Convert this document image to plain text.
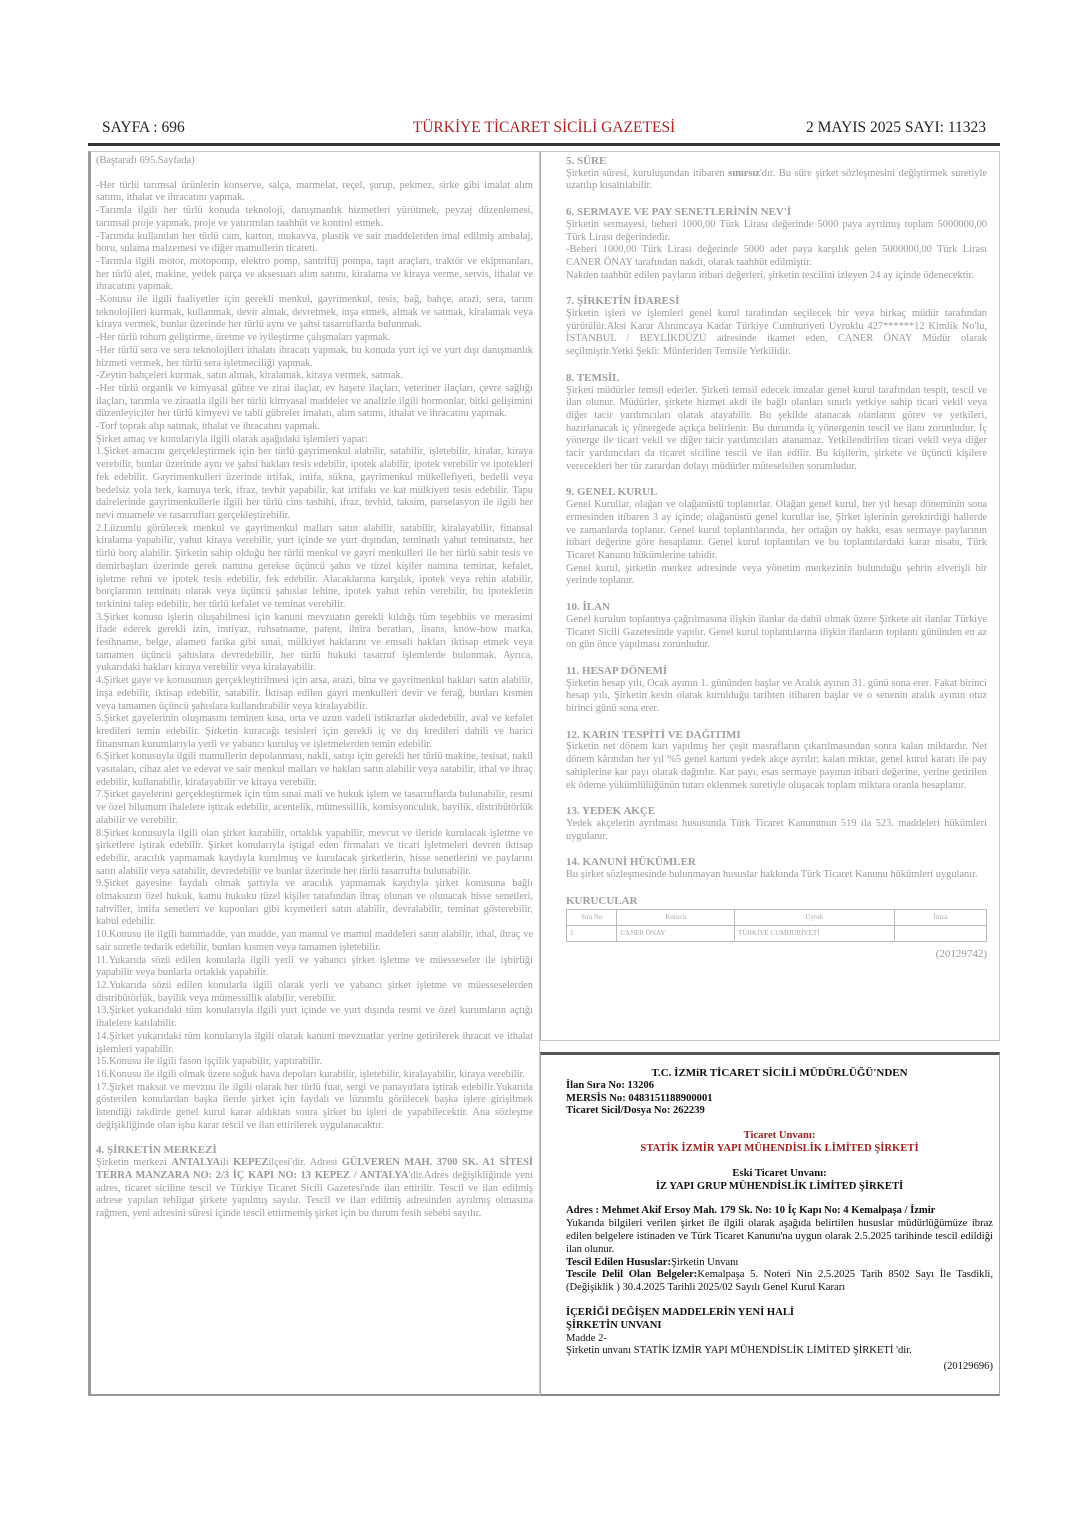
SAYFA : 696	TÜRKİYE TİCARET SİCİLİ GAZETESİ	2 MAYIS 2025 SAYI: 11323

(Baştarafı 695.Sayfada)

-Her türlü tarımsal ürünlerin konserve, salça, marmelat, reçel, şurup, pekmez, sirke gibi imalat alım satımı, ithalat ve ihracatını yapmak.

-Tarımla ilgili her türlü konuda teknoloji, danışmanlık hizmetleri yürütmek, peyzaj düzenlemesi, tarımsal proje yapmak, proje ve yatırımları taahhüt ve kontrol etmek.

-Tarımda kullanılan her türlü cam, karton, mukavva, plastik ve sair maddelerden imal edilmiş ambalaj, boru, sulama malzemesi ve diğer mamullerin ticareti.

-Tarımla ilgili motor, motopomp, elektro pomp, santrifüj pompa, taşıt araçları, traktör ve ekipmanları, her türlü alet, makine, yedek parça ve aksesuarı alım satımı, kiralama ve kiraya verme, servis, ithalat ve ihracatını yapmak.

-Konusu ile ilgili faaliyetler için gerekli menkul, gayrimenkul, tesis, bağ, bahçe, arazi, sera, tarım teknolojileri kurmak, kullanmak, devir almak, devretmek, inşa etmek, almak ve satmak, kiralamak veya kiraya vermek, bunlar üzerinde her türlü aynı ve şahsi tasarruflarda bulunmak.

-Her türlü tohum geliştirme, üretme ve iyileştirme çalışmaları yapmak.

-Her türlü sera ve sera teknolojileri ithalatı ihracatı yapmak, bu konuda yurt içi ve yurt dışı danışmanlık hizmeti vermek, her türlü sera işletmeciliği yapmak.

-Zeytin bahçeleri kurmak, satın almak, kiralamak, kiraya vermek, satmak.

-Her türlü organik ve kimyasal gübre ve zirai ilaçlar, ev haşere ilaçları, veteriner ilaçları, çevre sağlığı ilaçları, tarımla ve ziraatla ilgili her türlü kimyasal maddeler ve analizle ilgili hormonlar, bitki gelişimini düzenleyiciler her türlü kimyevi ve tabii gübreler imalatı, alım satımı, ithalat ve ihracatını yapmak.

-Torf toprak alıp satmak, ithalat ve ihracatını yapmak.

Şirket amaç ve konularıyla ilgili olarak aşağıdaki işlemleri yapar:

1.Şirket amacını gerçekleştirmek için her türlü gayrimenkul alabilir, satabilir, işletebilir, kiralar, kiraya verebilir, bunlar üzerinde aynı ve şahsi hakları tesis edebilir, ipotek alabilir, ipotek verebilir ve ipotekleri fek edebilir. Gayrimenkulleri üzerinde irtifak, intifa, sükna, gayrimenkul mükellefiyeti, bedelli veya bedelsiz yola terk, kamuya terk, ifraz, tevhit yapabilir, kat irtifakı ve kat mülkiyeti tesis edebilir. Tapu dairelerinde gayrimenkullerle ilgili her türlü cins tashihi, ifraz, tevhid, taksim, parselasyon ile ilgili her nevi muamele ve tasarrufları gerçekleştirebilir.

2.Lüzumlu görülecek menkul ve gayrimenkul malları satın alabilir, satabilir, kiralayabilir, finansal kiralama yapabilir, yahut kiraya verebilir, yurt içinde ve yurt dışından, teminatlı yahut teminatsız, her türlü borç alabilir. Şirketin sahip olduğu her türlü menkul ve gayri menkulleri ile her türlü sabit tesis ve demirbaşları üzerinde gerek namına gerekse üçüncü şahıs ve tüzel kişiler namına teminat, kefalet, işletme rehni ve ipotek tesis edebilir, fek edebilir. Alacaklarına karşılık, ipotek veya rehin alabilir, borçlarının teminatı olarak veya üçüncü şahıslar lehine, ipotek yahut rehin verebilir, bu ipoteklerin terkinini talep edebilir, her türlü kefalet ve teminat verebilir.

3.Şirket konusu işlerin oluşabilmesi için kanuni mevzuatın gerekli kıldığı tüm teşebbüs ve merasimi ifade ederek gerekli izin, imtiyaz, ruhsatname, patent, ihtira beratları, lisans, know-how marka, fesihname, belge, alameti farika gibi sınai, mülkiyet haklarını ve emsali hakları iktisap etmek veya tamamen üçüncü şahıslara devredebilir, her türlü hukuki tasarruf işlemlerde bulunmak. Ayrıca, yukarıdaki hakları kiraya verebilir veya kiralayabilir.

4.Şirket gaye ve konusunun gerçekleştirilmesi için arsa, arazi, bina ve gayrimenkul hakları satın alabilir, inşa edebilir, iktisap edebilir, satabilir. İktisap edilen gayri menkulleri devir ve ferağ, bunları kısmen veya tamamen üçüncü şahıslara kullandırabilir veya kiralayabilir.

5.Şirket gayelerinin oluşmasını teminen kısa, orta ve uzun vadeli istikrazlar akdedebilir, aval ve kefalet kredileri temin edebilir. Şirketin kuracağı tesisleri için gerekli iç ve dış kredileri dahili ve harici finansman kurumlarıyla yerli ve yabancı kuruluş ve işletmelerden temin edebilir.

6.Şirket konusuyla ilgili mamullerin depolanması, nakli, satışı için gerekli her türlü makine, tesisat, nakil vasıtaları, cihaz alet ve edevat ve sair menkul malları ve hakları satın alabilir veya satabilir, ithal ve ihraç edebilir, kullanabilir, kiralayabilir ve kiraya verebilir.

7.Şirket gayelerini gerçekleştirmek için tüm sınai mali ve hukuk işlem ve tasarruflarda bulunabilir, resmi ve özel bilumum ihalelere iştirak edebilir, acentelik, mümessillik, komisyonculuk, bayilik, distribütörlük alabilir ve verebilir.

8.Şirket konusuyla ilgili olan şirket kurabilir, ortaklık yapabilir, mevcut ve ileride kurulacak işletme ve şirketlere iştirak edebilir. Şirket konularıyla iştigal eden firmaları ve ticari işletmeleri devren iktisap edebilir, aracılık yapmamak kaydıyla kurulmuş ve kurulacak şirketlerin, hisse senetlerini ve paylarını satın alabilir veya satabilir, devredebilir ve bunlar üzerinde her türlü tasarrufta bulunabilir.

9.Şirket gayesine faydalı olmak şartıyla ve aracılık yapmamak kaydıyla şirket konusuna bağlı olmaksızın özel hukuk, kamu hukuku tüzel kişiler tarafından ihraç olunan ve olunacak hisse senetleri, tahviller, intifa senetleri ve kuponları gibi kıymetleri satın alabilir, devralabilir, teminat gösterebilir, kabul edebilir.

10.Konusu ile ilgili hammadde, yan madde, yan mamul ve mamul maddeleri satın alabilir, ithal, ihraç ve sair suretle tedarik edebilir, bunları kısmen veya tamamen işletebilir.

11.Yukarıda sözü edilen konularla ilgili yerli ve yabancı şirket işletme ve müesseseler ile işbirliği yapabilir veya bunlarla ortaklık yapabilir.

12.Yukarıda sözü edilen konularla ilgili olarak yerli ve yabancı şirket işletme ve müesseselerden distribütörlük, bayilik veya mümessillik alabilir, verebilir.

13.Şirket yukarıdaki tüm konularıyla ilgili yurt içinde ve yurt dışında resmi ve özel kurumların açtığı ihalelere katılabilir.

14.Şirket yukarıdaki tüm konularıyla ilgili olarak kanuni mevzuatlar yerine getirilerek ihracat ve ithalat işlemleri yapabilir.

15.Konusu ile ilgili fason işçilik yapabilir, yaptırabilir.

16.Konusu ile ilgili olmak üzere soğuk hava depoları kurabilir, işletebilir, kiralayabilir, kiraya verebilir.

17.Şirket maksat ve mevzuu ile ilgili olarak her türlü fuar, sergi ve panayırlara iştirak edebilir.Yukarıda gösterilen konulardan başka ilerde şirket için faydalı ve lüzumlu görülecek başka işlere girişilmek istendiği takdirde genel kurul karar aldıktan sonra şirket bu işleri de yapabilecektir. Ana sözleşme değişikliğinde olan işbu karar tescil ve ilan ettirilerek uygulanacaktır.

4. ŞİRKETİN MERKEZİ

Şirketin merkezi ANTALYAili KEPEZilçesi'dir. Adresi GÜLVEREN MAH. 3700 SK. A1 SİTESİ TERRA MANZARA NO: 2/3 İÇ KAPI NO: 13 KEPEZ / ANTALYA'dir.Adres değişikliğinde yeni adres, ticaret siciline tescil ve Türkiye Ticaret Sicili Gazetesi'nde ilan ettirilir. Tescil ve ilan edilmiş adrese yapılan tebligat şirkete yapılmış sayılır. Tescil ve ilan edilmiş adresinden ayrılmış olmasına rağmen, yeni adresini süresi içinde tescil ettirmemiş şirket için bu durum fesih sebebi sayılır.

5. SÜRE

Şirketin süresi, kuruluşundan itibaren sınırsız'dır. Bu süre şirket sözleşmesini değiştirmek suretiyle uzatılıp kısaltılabilir.

6. SERMAYE VE PAY SENETLERİNİN NEV'İ

Şirketin sermayesi, beheri 1000,00 Türk Lirası değerinde 5000 paya ayrılmış toplam 5000000,00 Türk Lirası değerindedir.

-Beheri 1000,00 Türk Lirası değerinde 5000 adet paya karşılık gelen 5000000,00 Türk Lirası CANER ÖNAY tarafından nakdi, olarak taahhüt edilmiştir.

Nakden taahhüt edilen payların itibari değerleri, şirketin tescilini izleyen 24 ay içinde ödenecektir.

7. ŞİRKETİN İDARESİ

Şirketin işleri ve işlemleri genel kurul tarafından seçilecek bir veya birkaç müdür tarafından yürütülür.Aksi Karar Alınıncaya Kadar Türkiye Cumhuriyeti Uyruklu 427******12 Kimlik No'lu, İSTANBUL / BEYLİKDÜZÜ adresinde ikamet eden, CANER ÖNAY Müdür olarak seçilmiştir.Yetki Şekli: Münferiden Temsile Yetkilidir.

8. TEMSİL

Şirketi müdürler temsil ederler. Şirketi temsil edecek imzalar genel kurul tarafından tespit, tescil ve ilan olunur. Müdürler, şirkete hizmet akdi ile bağlı olanları sınırlı yetkiye sahip ticari vekil veya diğer tacir yardımcıları olarak atayabilir. Bu şekilde atanacak olanların görev ve yetkileri, hazırlanacak iç yönergede açıkça belirlenir. Bu durumda iç yönergenin tescil ve ilanı zorunludur. İç yönerge ile ticari vekil ve diğer tacir yardımcıları atanamaz. Yetkilendirilen ticari vekil veya diğer tacir yardımcıları da ticaret siciline tescil ve ilan edilir. Bu kişilerin, şirkete ve üçüncü kişilere verecekleri her tür zarardan dolayı müdürler müteselsilen sorumludur.

9. GENEL KURUL

Genel Kurullar, olağan ve olağanüstü toplanırlar. Olağan genel kurul, her yıl hesap döneminin sona ermesinden itibaren 3 ay içinde; olağanüstü genel kurullar ise, Şirket işlerinin gerektirdiği hallerde ve zamanlarda toplanır. Genel kurul toplantılarında, her ortağın oy hakkı, esas sermaye paylarının itibari değerine göre hesaplanır. Genel kurul toplantıları ve bu toplantılardaki karar nisabı, Türk Ticaret Kanunu hükümlerine tabidir.

Genel kurul, şirketin merkez adresinde veya yönetim merkezinin bulunduğu şehrin elverişli bir yerinde toplanır.

10. İLAN

Genel kurulun toplantıya çağrılmasına ilişkin ilanlar da dahil olmak üzere Şirkete ait ilanlar Türkiye Ticaret Sicili Gazetesinde yapılır. Genel kurul toplantılarına ilişkin ilanların toplantı gününden en az on gün önce yapılması zorunludur.

11. HESAP DÖNEMİ

Şirketin hesap yılı, Ocak ayının 1. gününden başlar ve Aralık ayının 31. günü sona erer. Fakat birinci hesap yılı, Şirketin kesin olarak kurulduğu tarihten itibaren başlar ve o senenin aralık ayının otuz birinci günü sona erer.

12. KARIN TESPİTİ VE DAĞITIMI

Şirketin net dönem karı yapılmış her çeşit masrafların çıkarılmasından sonra kalan miktardır. Net dönem kârından her yıl %5 genel kanuni yedek akçe ayrılır; kalan miktar, genel kurul kararı ile pay sahiplerine kar payı olarak dağıtılır. Kar payı, esas sermaye payının itibari değerine, yerine getirilen ek ödeme yükümlülüğünün tutarı eklenmek suretiyle oluşacak toplam miktara oranla hesaplanır.

13. YEDEK AKÇE

Yedek akçelerin ayrılması hususunda Türk Ticaret Kanununun 519 ila 523. maddeleri hükümleri uygulanır.

14. KANUNİ HÜKÜMLER

Bu şirket sözleşmesinde bulunmayan hususlar hakkında Türk Ticaret Kanunu hükümleri uygulanır.

KURUCULAR

Sıra No	Kurucu	Uyruk	İmza
1	CANER ÖNAY	TÜRKİYE CUMHURİYETİ	
(20129742)

T.C. İZMiR TİCARET SİCİLİ MÜDÜRLÜĞÜ'NDEN

İlan Sıra No: 13206

MERSİS No: 0483151188900001

Ticaret Sicil/Dosya No: 262239

Ticaret Unvanı:

STATİK İZMİR YAPI MÜHENDİSLİK LİMİTED ŞİRKETİ

Eski Ticaret Unvanı:

İZ YAPI GRUP MÜHENDİSLİK LİMİTED ŞİRKETİ

Adres : Mehmet Akif Ersoy Mah. 179 Sk. No: 10 İç Kapı No: 4 Kemalpaşa / İzmir

Yukarıda bilgileri verilen şirket ile ilgili olarak aşağıda belirtilen hususlar müdürlüğümüze ibraz edilen belgelere istinaden ve Türk Ticaret Kanunu'na uygun olarak 2.5.2025 tarihinde tescil edildiği ilan olunur.

Tescil Edilen Hususlar:Şirketin Unvanı

Tescile Delil Olan Belgeler:Kemalpaşa 5. Noteri Nin 2.5.2025 Tarih 8502 Sayı İle Tasdikli, (Değişiklik ) 30.4.2025 Tarihli 2025/02 Sayılı Genel Kurul Kararı

İÇERİĞİ DEĞİŞEN MADDELERİN YENİ HALİ

ŞİRKETİN UNVANI

Madde 2-

Şirketin unvanı STATİK İZMİR YAPI MÜHENDİSLİK LİMİTED ŞİRKETİ 'dir.

(20129696)
